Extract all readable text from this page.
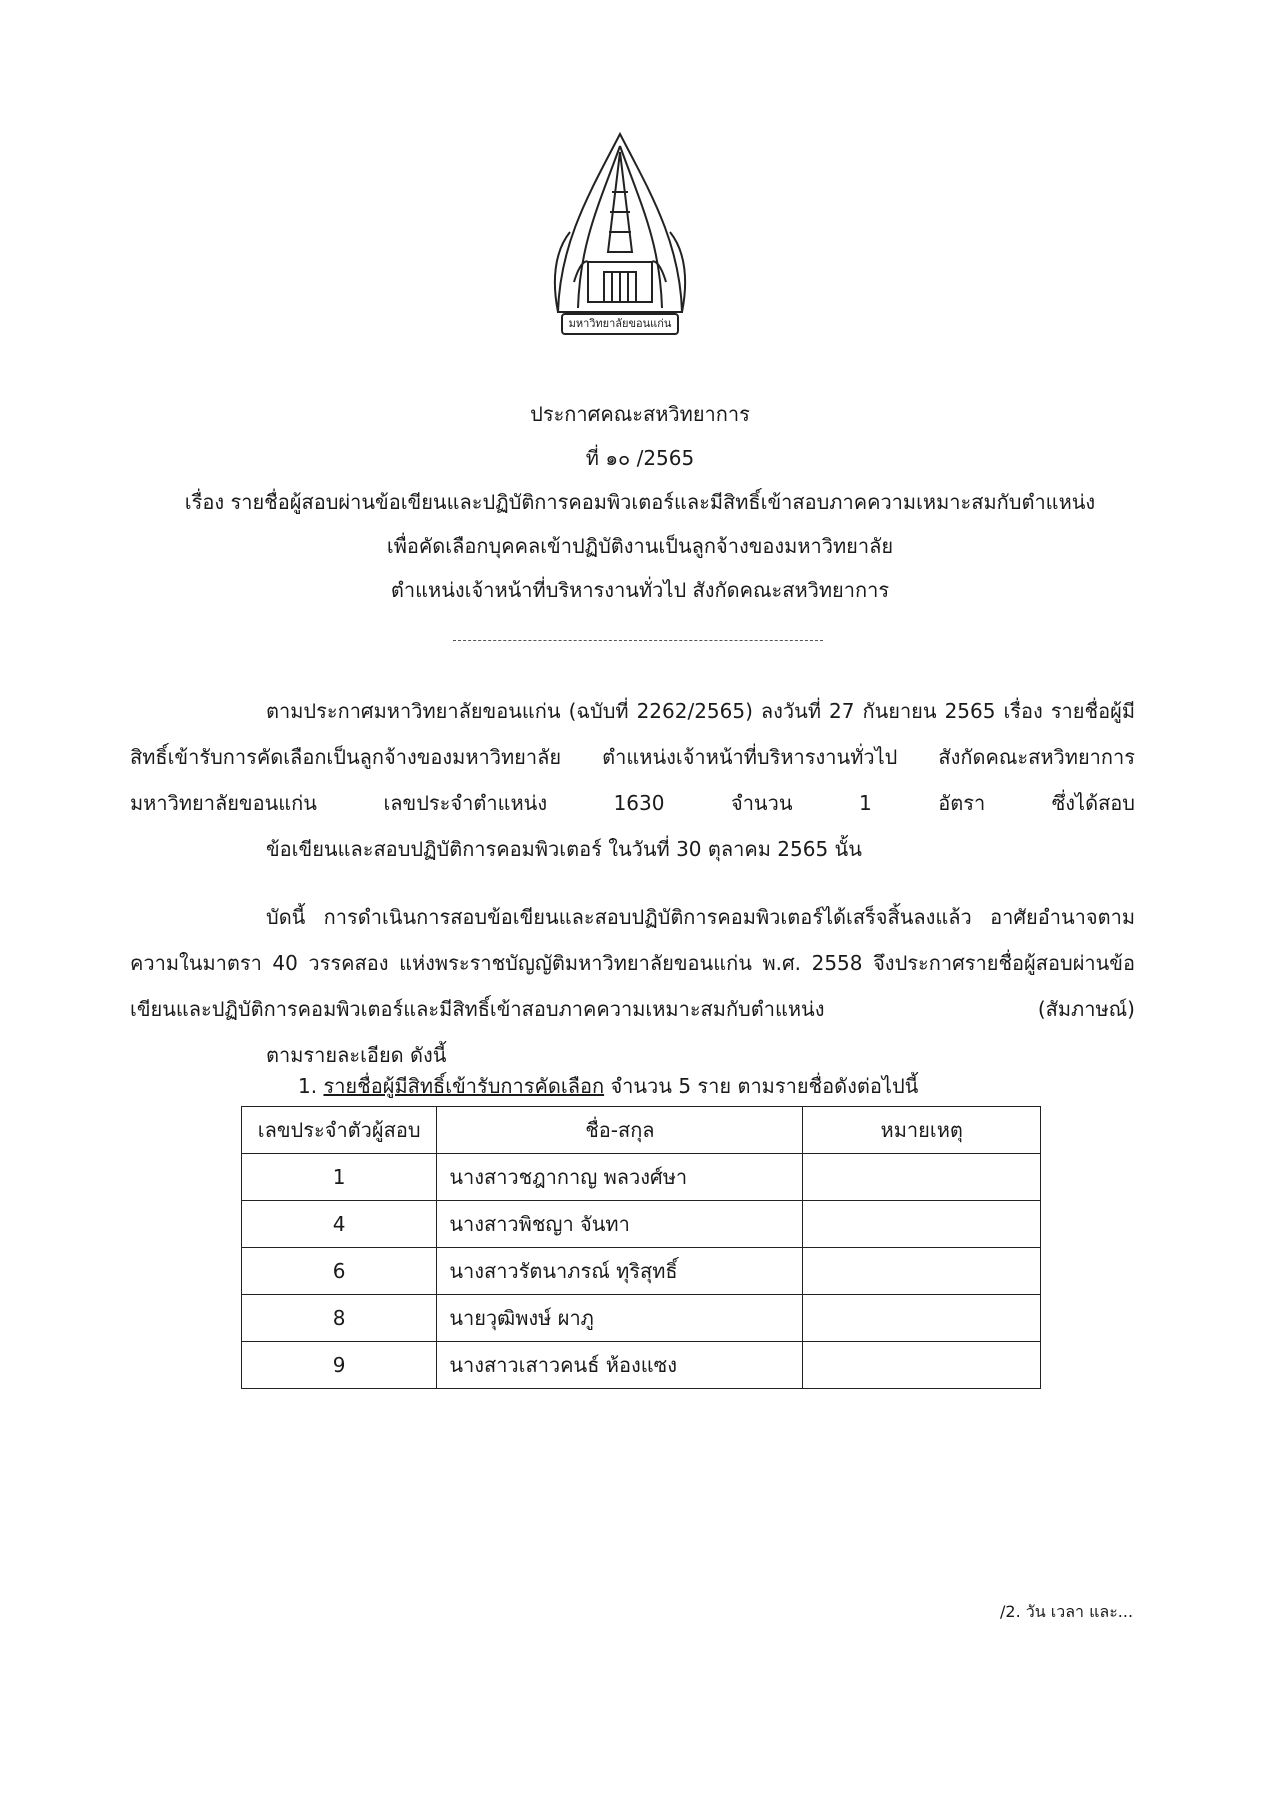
มหาวิทยาลัยขอนแก่น
ประกาศคณะสหวิทยาการ
ที่ ๑๐ /2565
เรื่อง รายชื่อผู้สอบผ่านข้อเขียนและปฏิบัติการคอมพิวเตอร์และมีสิทธิ์เข้าสอบภาคความเหมาะสมกับตำแหน่ง
เพื่อคัดเลือกบุคคลเข้าปฏิบัติงานเป็นลูกจ้างของมหาวิทยาลัย
ตำแหน่งเจ้าหน้าที่บริหารงานทั่วไป สังกัดคณะสหวิทยาการ
ตามประกาศมหาวิทยาลัยขอนแก่น (ฉบับที่ 2262/2565) ลงวันที่ 27 กันยายน 2565 เรื่อง รายชื่อผู้มีสิทธิ์เข้ารับการคัดเลือกเป็นลูกจ้างของมหาวิทยาลัย ตำแหน่งเจ้าหน้าที่บริหารงานทั่วไป สังกัดคณะสหวิทยาการ มหาวิทยาลัยขอนแก่น เลขประจำตำแหน่ง 1630 จำนวน 1 อัตรา ซึ่งได้สอบ
ข้อเขียนและสอบปฏิบัติการคอมพิวเตอร์ ในวันที่ 30 ตุลาคม 2565 นั้น
บัดนี้ การดำเนินการสอบข้อเขียนและสอบปฏิบัติการคอมพิวเตอร์ได้เสร็จสิ้นลงแล้ว อาศัยอำนาจตามความในมาตรา 40 วรรคสอง แห่งพระราชบัญญัติมหาวิทยาลัยขอนแก่น พ.ศ. 2558 จึงประกาศรายชื่อผู้สอบผ่านข้อเขียนและปฏิบัติการคอมพิวเตอร์และมีสิทธิ์เข้าสอบภาคความเหมาะสมกับตำแหน่ง (สัมภาษณ์)
ตามรายละเอียด ดังนี้
1. รายชื่อผู้มีสิทธิ์เข้ารับการคัดเลือก จำนวน 5 ราย ตามรายชื่อดังต่อไปนี้
เลขประจำตัวผู้สอบ	ชื่อ-สกุล	หมายเหตุ
1	นางสาวชฎากาญ พลวงศ์ษา	
4	นางสาวพิชญา จันทา	
6	นางสาวรัตนาภรณ์ ทุริสุทธิ์	
8	นายวุฒิพงษ์ ผาภู	
9	นางสาวเสาวคนธ์ ห้องแซง	
/2. วัน เวลา และ...
